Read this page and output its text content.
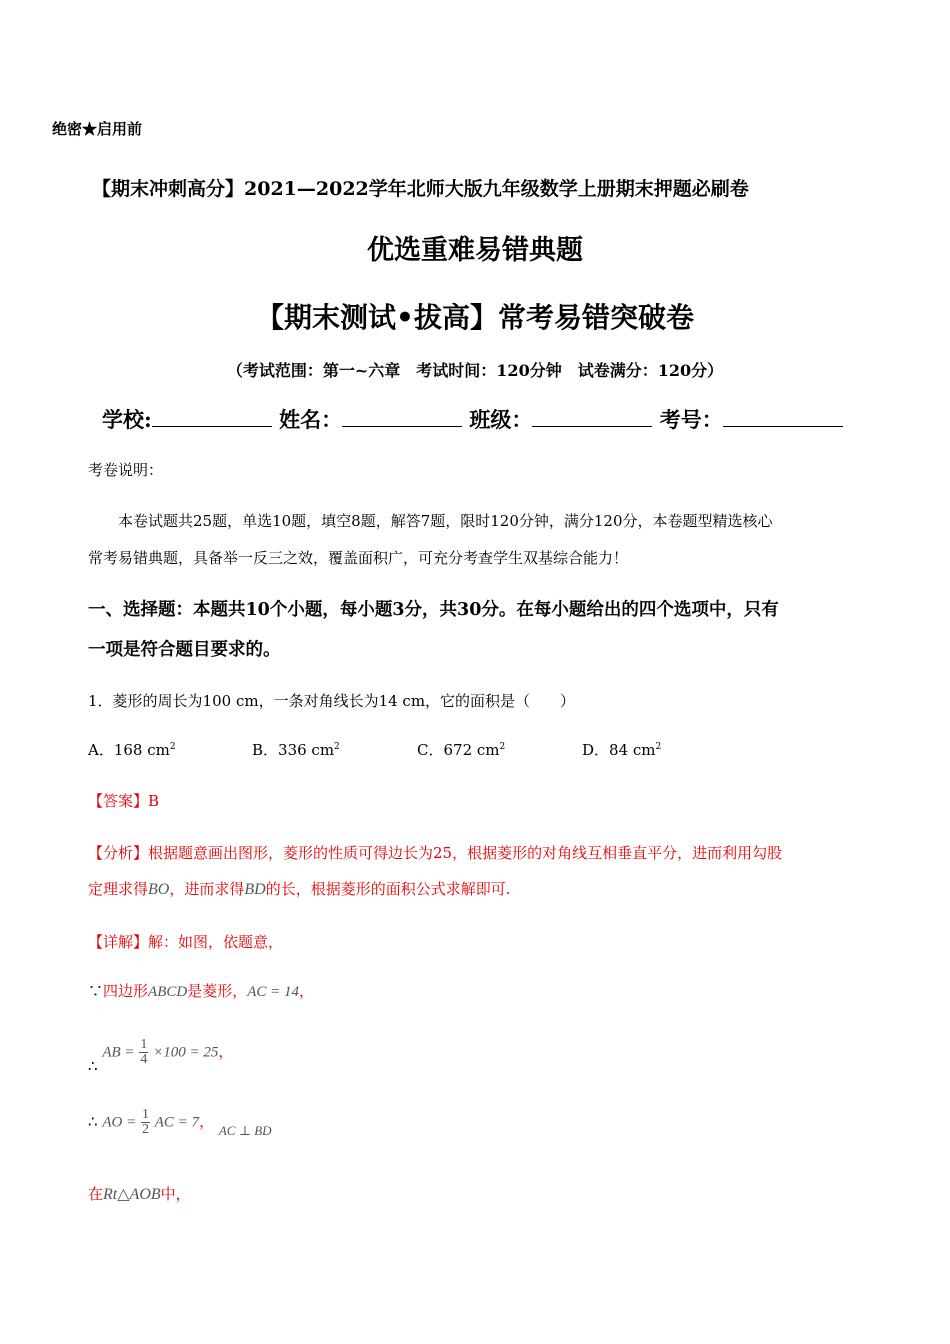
绝密★启用前
【期末冲刺高分】2021—2022学年北师大版九年级数学上册期末押题必刷卷
优选重难易错典题
【期末测试•拔高】常考易错突破卷
（考试范围：第一~六章　考试时间：120分钟　试卷满分：120分）
学校:	姓名：	班级：	考号：
考卷说明：
本卷试题共25题，单选10题，填空8题，解答7题，限时120分钟，满分120分，本卷题型精选核心
常考易错典题，具备举一反三之效，覆盖面积广，可充分考查学生双基综合能力！
一、选择题：本题共10个小题，每小题3分，共30分。在每小题给出的四个选项中，只有
一项是符合题目要求的。
1．菱形的周长为100 cm，一条对角线长为14 cm，它的面积是（　　）
A．168 $cm^2$	B．336 $cm^2$	C．672 $cm^2$	D．84 $cm^2$
【答案】B
【分析】根据题意画出图形，菱形的性质可得边长为25，根据菱形的对角线互相垂直平分，进而利用勾股
定理求得BO，进而求得BD的长，根据菱形的面积公式求解即可.
【详解】解：如图，依题意，
∵四边形ABCD是菱形，AC = 14，
∴ AB = $\frac{1}{4} \times 100 = 25$，
∴ AO = $\frac{1}{2}$ AC = 7， AC ⊥ BD
在Rt△AOB中，
